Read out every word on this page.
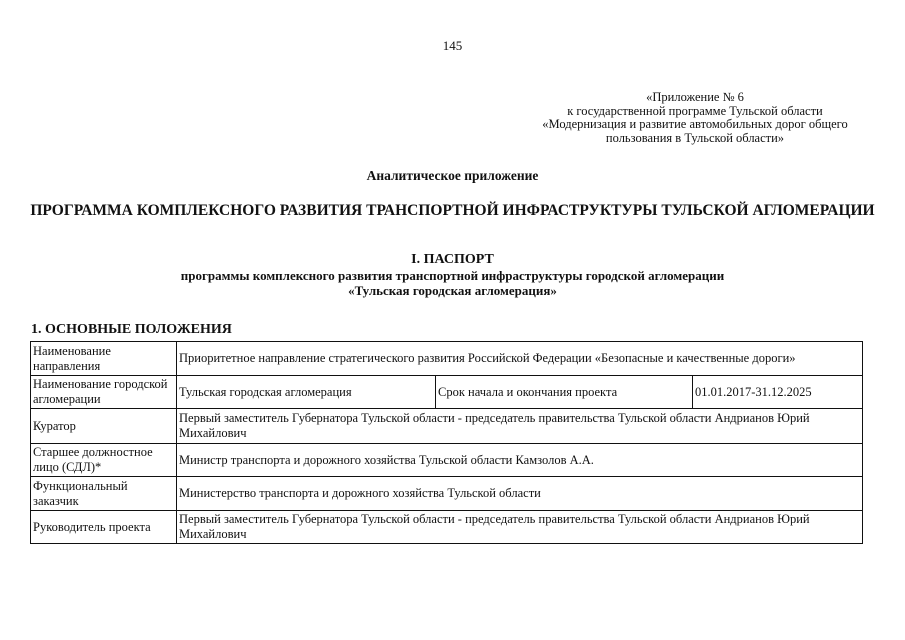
145
«Приложение № 6
к государственной программе Тульской области
«Модернизация и развитие автомобильных дорог общего
пользования в Тульской области»
Аналитическое приложение
ПРОГРАММА КОМПЛЕКСНОГО РАЗВИТИЯ ТРАНСПОРТНОЙ ИНФРАСТРУКТУРЫ ТУЛЬСКОЙ АГЛОМЕРАЦИИ
I. ПАСПОРТ
программы комплексного развития транспортной инфраструктуры городской агломерации
«Тульская городская агломерация»
1. ОСНОВНЫЕ ПОЛОЖЕНИЯ
Наименование направления	Приоритетное направление стратегического развития Российской Федерации «Безопасные и качественные дороги»		
Наименование городской агломерации	Тульская городская агломерация	Срок начала и окончания проекта	01.01.2017-31.12.2025
Куратор	Первый заместитель Губернатора Тульской области - председатель правительства Тульской области Андрианов Юрий Михайлович		
Старшее должностное лицо (СДЛ)*	Министр транспорта и дорожного хозяйства Тульской области Камзолов А.А.		
Функциональный заказчик	Министерство транспорта и дорожного хозяйства Тульской области		
Руководитель проекта	Первый заместитель Губернатора Тульской области - председатель правительства Тульской области Андрианов Юрий Михайлович		
